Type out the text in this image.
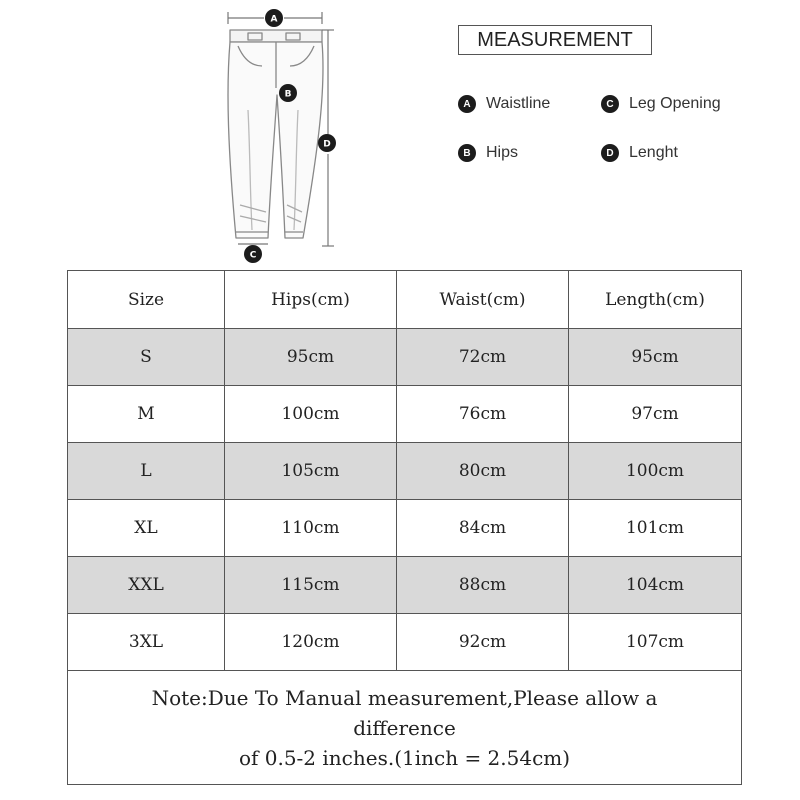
A
B
C
D
MEASUREMENT
A Waistline	C Leg Opening
B Hips	D Lenght
Size	Hips(cm)	Waist(cm)	Length(cm)
S	95cm	72cm	95cm
M	100cm	76cm	97cm
L	105cm	80cm	100cm
XL	110cm	84cm	101cm
XXL	115cm	88cm	104cm
3XL	120cm	92cm	107cm
Note:Due To Manual measurement,Please allow a
difference
of 0.5-2 inches.(1inch = 2.54cm)			
